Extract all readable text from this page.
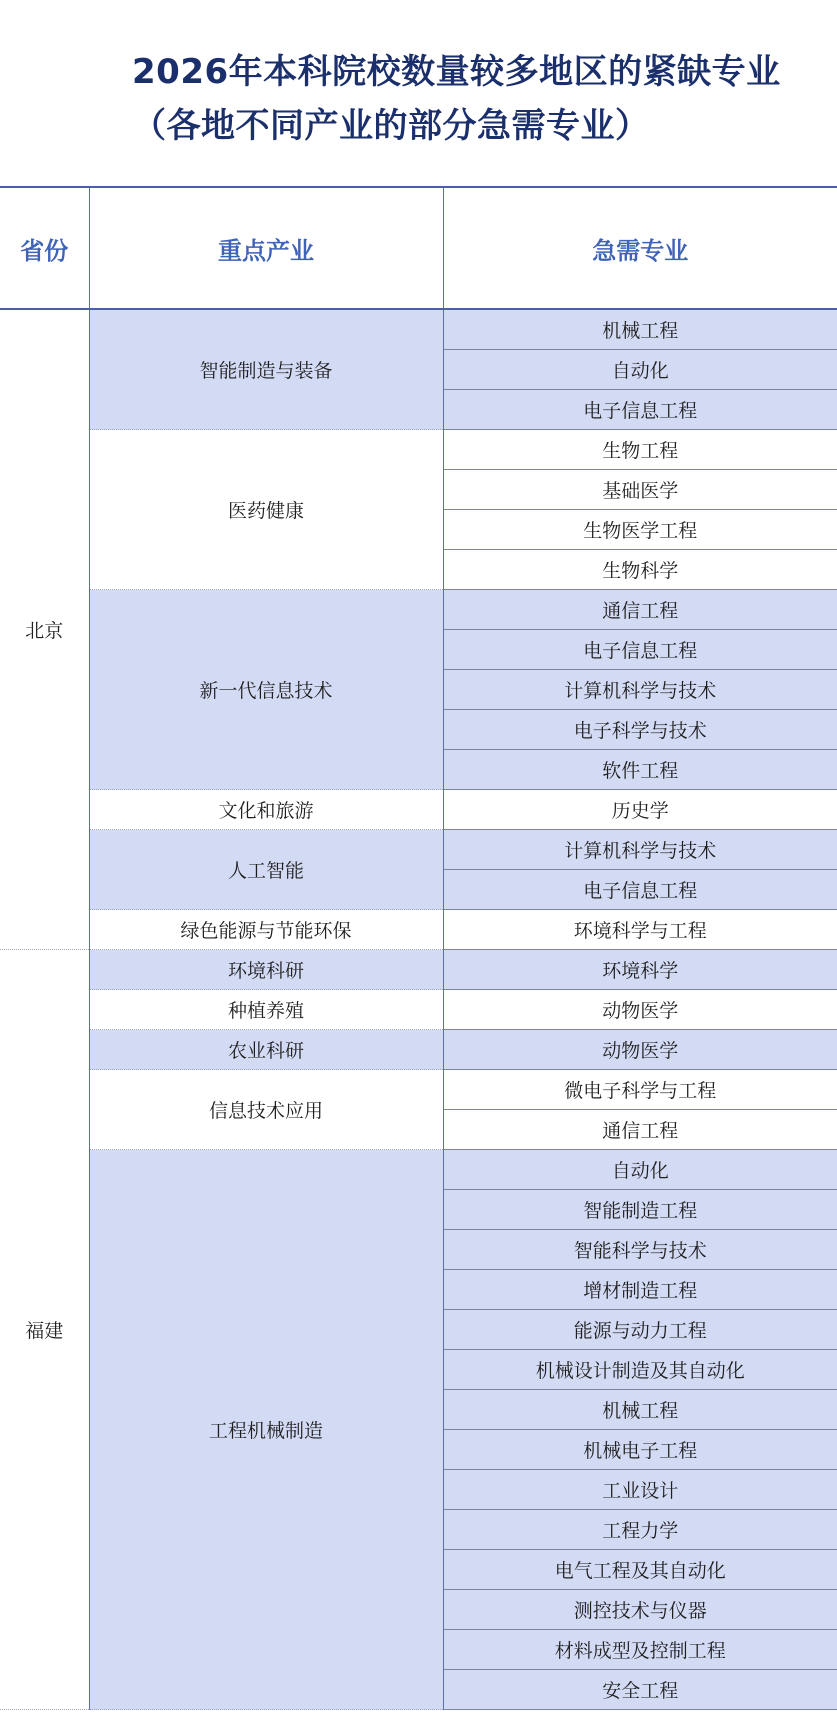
2026年本科院校数量较多地区的紧缺专业
（各地不同产业的部分急需专业）
省份	重点产业	急需专业
北京	智能制造与装备	机械工程
		自动化
		电子信息工程
	医药健康	生物工程
		基础医学
		生物医学工程
		生物科学
	新一代信息技术	通信工程
		电子信息工程
		计算机科学与技术
		电子科学与技术
		软件工程
	文化和旅游	历史学
	人工智能	计算机科学与技术
		电子信息工程
	绿色能源与节能环保	环境科学与工程
福建	环境科研	环境科学
	种植养殖	动物医学
	农业科研	动物医学
	信息技术应用	微电子科学与工程
		通信工程
	工程机械制造	自动化
		智能制造工程
		智能科学与技术
		增材制造工程
		能源与动力工程
		机械设计制造及其自动化
		机械工程
		机械电子工程
		工业设计
		工程力学
		电气工程及其自动化
		测控技术与仪器
		材料成型及控制工程
		安全工程
